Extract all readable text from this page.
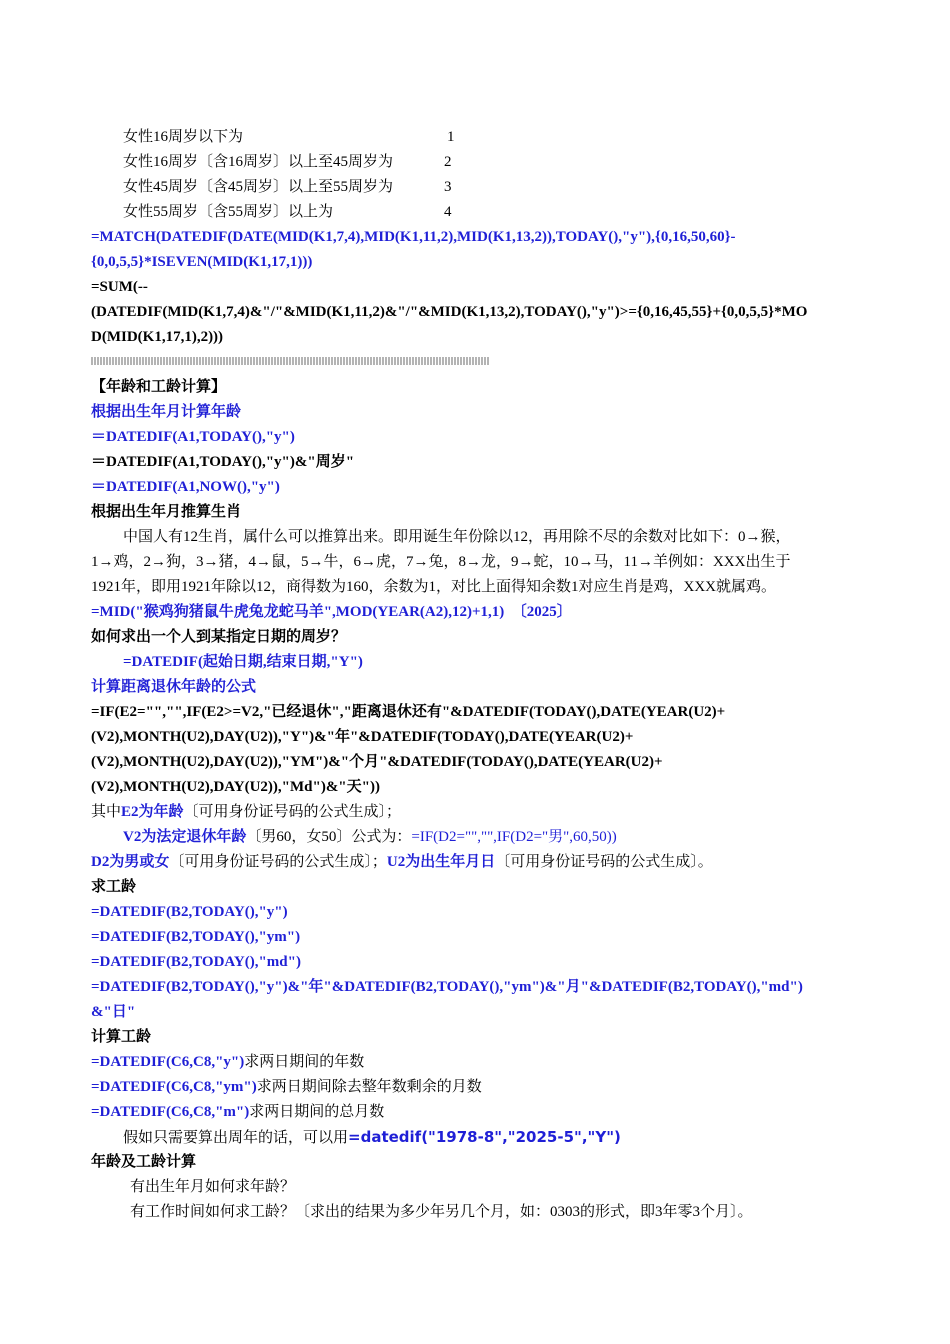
女性16周岁以下为	1
女性16周岁〔含16周岁〕以上至45周岁为	2
女性45周岁〔含45周岁〕以上至55周岁为	3
女性55周岁〔含55周岁〕以上为	4
=MATCH(DATEDIF(DATE(MID(K1,7,4),MID(K1,11,2),MID(K1,13,2)),TODAY(),"y"),{0,16,50,60}-
{0,0,5,5}*ISEVEN(MID(K1,17,1)))
=SUM(--
(DATEDIF(MID(K1,7,4)&"/"&MID(K1,11,2)&"/"&MID(K1,13,2),TODAY(),"y")>={0,16,45,55}+{0,0,5,5}*MO
D(MID(K1,17,1),2)))
【年龄和工龄计算】
根据出生年月计算年龄
＝DATEDIF(A1,TODAY(),"y")
＝DATEDIF(A1,TODAY(),"y")&"周岁"
＝DATEDIF(A1,NOW(),"y")
根据出生年月推算生肖
中国人有12生肖，属什么可以推算出来。即用诞生年份除以12，再用除不尽的余数对比如下：0→猴，
1→鸡，2→狗，3→猪，4→鼠，5→牛，6→虎，7→兔，8→龙，9→蛇，10→马，11→羊例如：XXX出生于
1921年，即用1921年除以12，商得数为160，余数为1，对比上面得知余数1对应生肖是鸡，XXX就属鸡。
=MID("猴鸡狗猪鼠牛虎兔龙蛇马羊",MOD(YEAR(A2),12)+1,1)　〔2025〕
如何求出一个人到某指定日期的周岁？
=DATEDIF(起始日期,结束日期,"Y")
计算距离退休年龄的公式
=IF(E2="","",IF(E2>=V2,"已经退休","距离退休还有"&DATEDIF(TODAY(),DATE(YEAR(U2)+
(V2),MONTH(U2),DAY(U2)),"Y")&"年"&DATEDIF(TODAY(),DATE(YEAR(U2)+
(V2),MONTH(U2),DAY(U2)),"YM")&"个月"&DATEDIF(TODAY(),DATE(YEAR(U2)+
(V2),MONTH(U2),DAY(U2)),"Md")&"天"))
其中E2为年龄〔可用身份证号码的公式生成〕；
V2为法定退休年龄〔男60，女50〕公式为：=IF(D2="","",IF(D2="男",60,50))
D2为男或女〔可用身份证号码的公式生成〕；U2为出生年月日〔可用身份证号码的公式生成〕。
求工龄
=DATEDIF(B2,TODAY(),"y")
=DATEDIF(B2,TODAY(),"ym")
=DATEDIF(B2,TODAY(),"md")
=DATEDIF(B2,TODAY(),"y")&"年"&DATEDIF(B2,TODAY(),"ym")&"月"&DATEDIF(B2,TODAY(),"md")
&"日"
计算工龄
=DATEDIF(C6,C8,"y")求两日期间的年数
=DATEDIF(C6,C8,"ym")求两日期间除去整年数剩余的月数
=DATEDIF(C6,C8,"m")求两日期间的总月数
假如只需要算出周年的话，可以用=datedif("1978-8","2025-5","Y")
年龄及工龄计算
有出生年月如何求年龄？
有工作时间如何求工龄？〔求出的结果为多少年另几个月，如：0303的形式，即3年零3个月〕。
